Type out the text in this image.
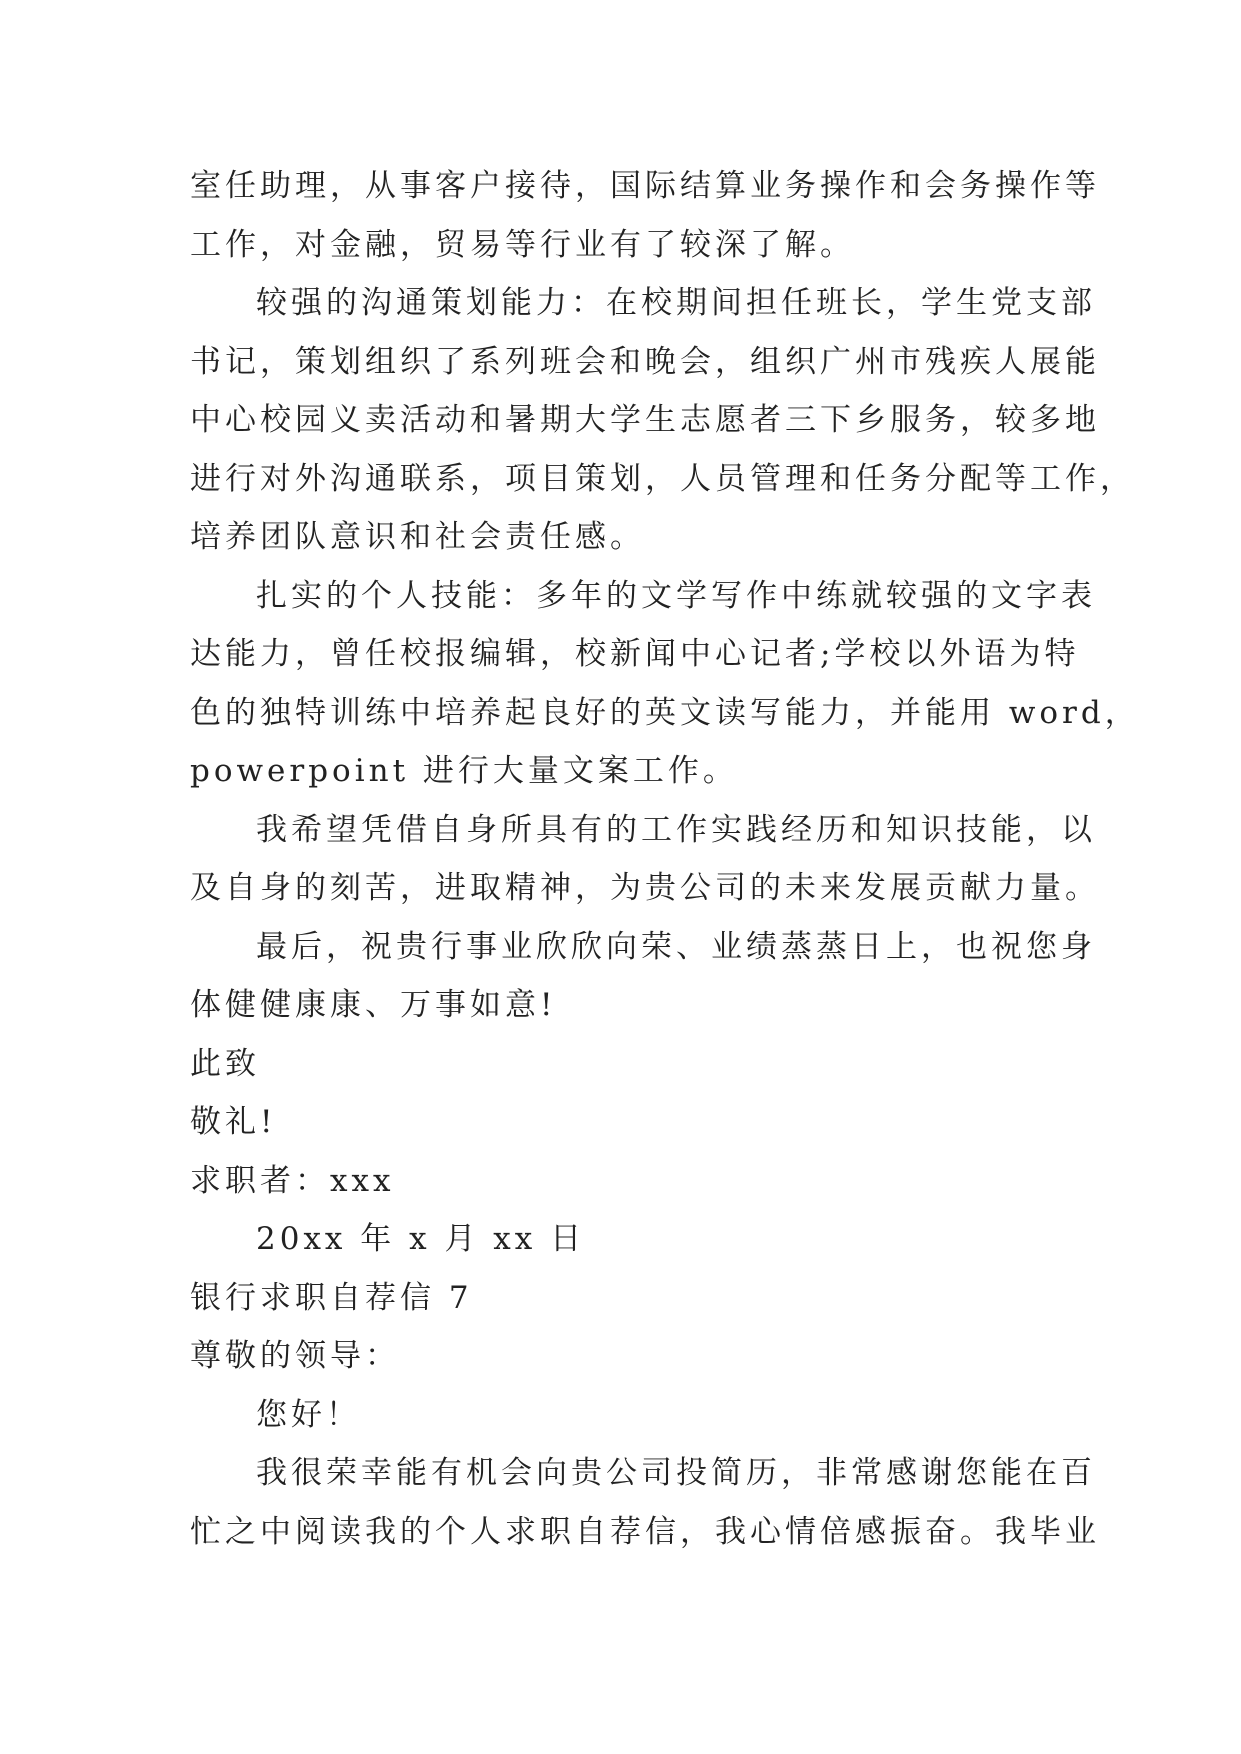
室任助理，从事客户接待，国际结算业务操作和会务操作等
工作，对金融，贸易等行业有了较深了解。
较强的沟通策划能力：在校期间担任班长，学生党支部
书记，策划组织了系列班会和晚会，组织广州市残疾人展能
中心校园义卖活动和暑期大学生志愿者三下乡服务，较多地
进行对外沟通联系，项目策划，人员管理和任务分配等工作，
培养团队意识和社会责任感。
扎实的个人技能：多年的文学写作中练就较强的文字表
达能力，曾任校报编辑，校新闻中心记者;学校以外语为特
色的独特训练中培养起良好的英文读写能力，并能用 word，
powerpoint 进行大量文案工作。
我希望凭借自身所具有的工作实践经历和知识技能，以
及自身的刻苦，进取精神，为贵公司的未来发展贡献力量。
最后，祝贵行事业欣欣向荣、业绩蒸蒸日上，也祝您身
体健健康康、万事如意!
此致
敬礼!
求职者：xxx
20xx 年 x 月 xx 日
银行求职自荐信 7
尊敬的领导：
您好！
我很荣幸能有机会向贵公司投简历，非常感谢您能在百
忙之中阅读我的个人求职自荐信，我心情倍感振奋。我毕业
